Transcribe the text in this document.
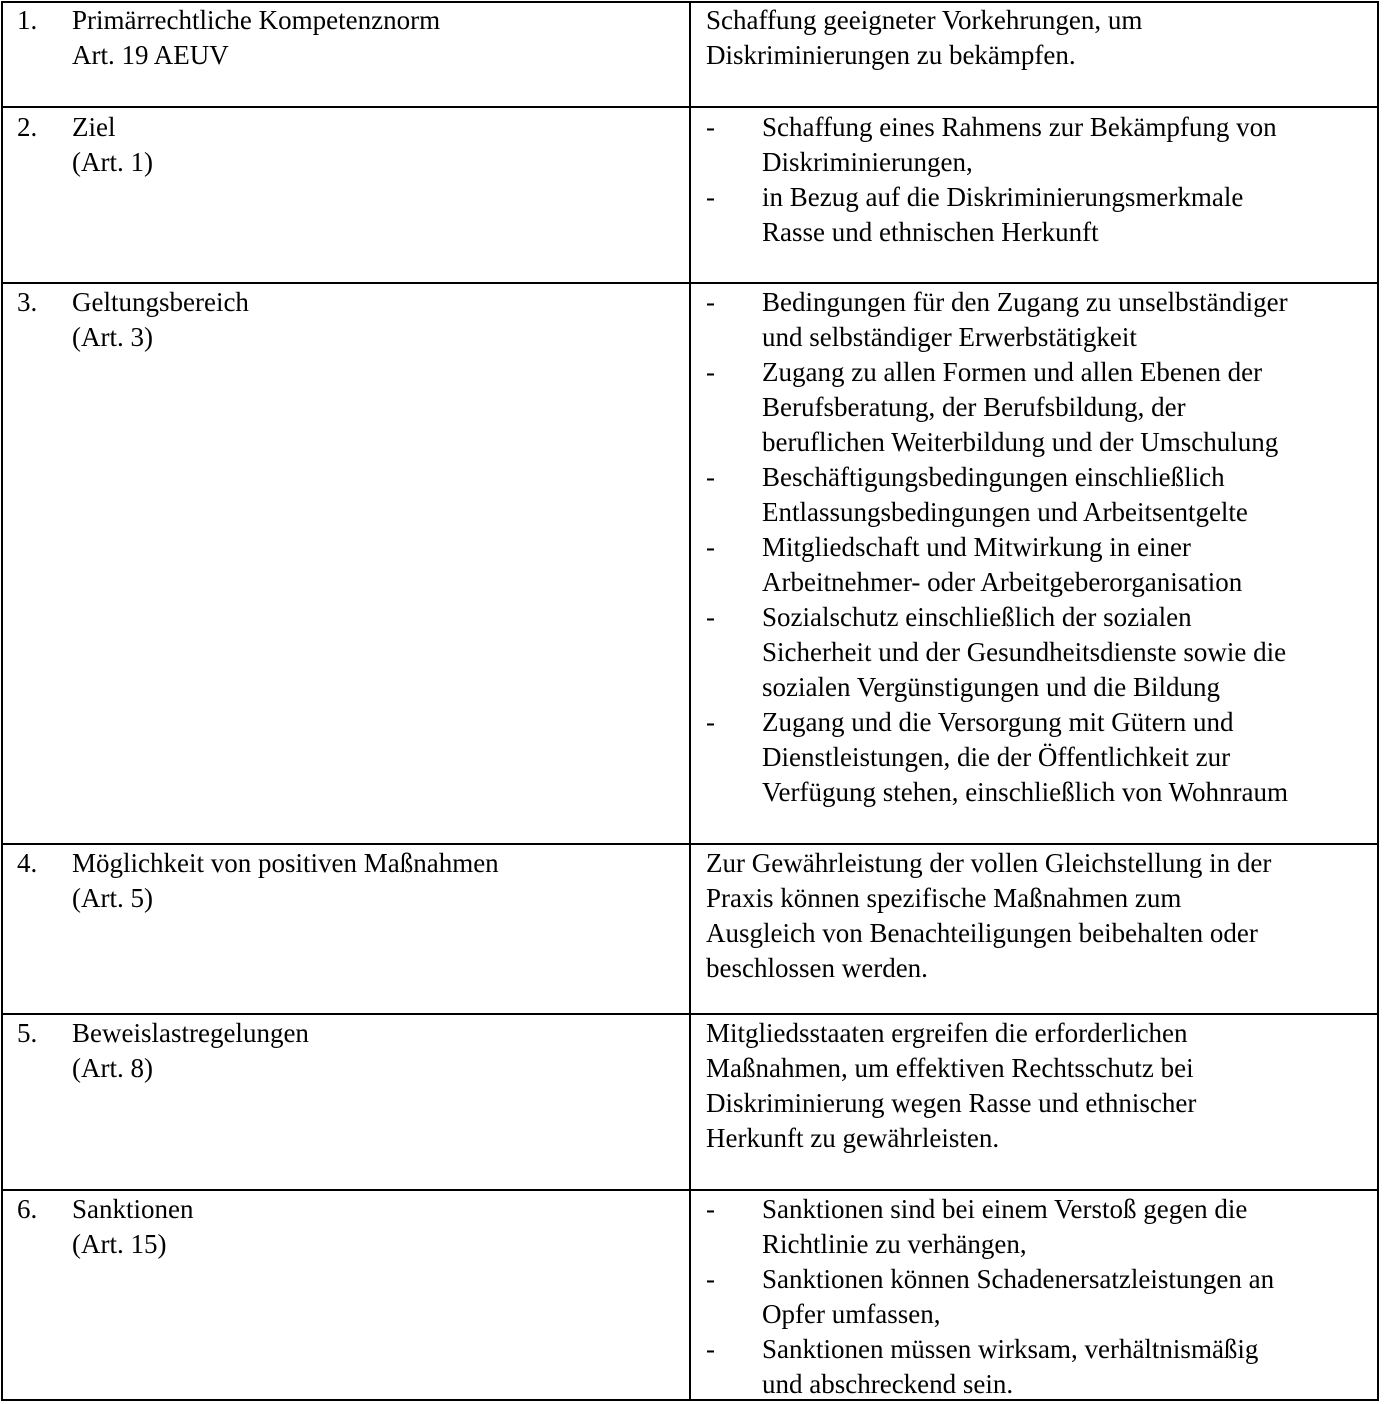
1. Primärrechtliche Kompetenznorm
Art. 19 AEUV
Schaffung geeigneter Vorkehrungen, um
Diskriminierungen zu bekämpfen.
2. Ziel
(Art. 1)
- Schaffung eines Rahmens zur Bekämpfung von
Diskriminierungen,
- in Bezug auf die Diskriminierungsmerkmale
Rasse und ethnischen Herkunft
3. Geltungsbereich
(Art. 3)
- Bedingungen für den Zugang zu unselbständiger
und selbständiger Erwerbstätigkeit
- Zugang zu allen Formen und allen Ebenen der
Berufsberatung, der Berufsbildung, der
beruflichen Weiterbildung und der Umschulung
- Beschäftigungsbedingungen einschließlich
Entlassungsbedingungen und Arbeitsentgelte
- Mitgliedschaft und Mitwirkung in einer
Arbeitnehmer- oder Arbeitgeberorganisation
- Sozialschutz einschließlich der sozialen
Sicherheit und der Gesundheitsdienste sowie die
sozialen Vergünstigungen und die Bildung
- Zugang und die Versorgung mit Gütern und
Dienstleistungen, die der Öffentlichkeit zur
Verfügung stehen, einschließlich von Wohnraum
4. Möglichkeit von positiven Maßnahmen
(Art. 5)
Zur Gewährleistung der vollen Gleichstellung in der
Praxis können spezifische Maßnahmen zum
Ausgleich von Benachteiligungen beibehalten oder
beschlossen werden.
5. Beweislastregelungen
(Art. 8)
Mitgliedsstaaten ergreifen die erforderlichen
Maßnahmen, um effektiven Rechtsschutz bei
Diskriminierung wegen Rasse und ethnischer
Herkunft zu gewährleisten.
6. Sanktionen
(Art. 15)
- Sanktionen sind bei einem Verstoß gegen die
Richtlinie zu verhängen,
- Sanktionen können Schadenersatzleistungen an
Opfer umfassen,
- Sanktionen müssen wirksam, verhältnismäßig
und abschreckend sein.
